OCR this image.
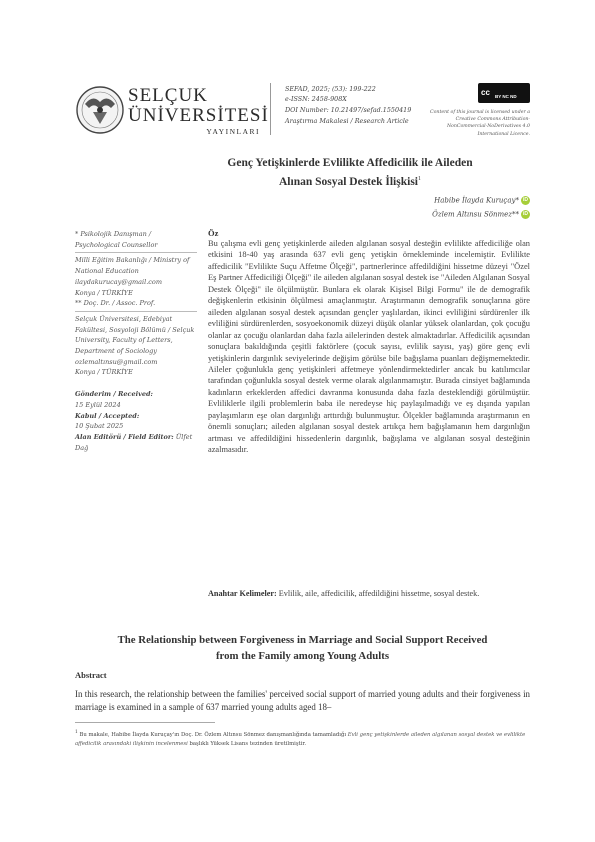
SELÇUK
ÜNİVERSİTESİ
YAYINLARI
SEFAD, 2025; (53): 199-222
e-ISSN: 2458-908X
DOI Number: 10.21497/sefad.1550419
Araştırma Makalesi / Research Article
cc BY NC ND
Content of this journal is licensed under a Creative Commons Attribution-NonCommercial-NoDerivatives 4.0 International Licence.
Genç Yetişkinlerde Evlilikte Affedicilik ile Aileden
Alınan Sosyal Destek İlişkisi$^1$
Habibe İlayda Kuruçay* iD
Özlem Altınsu Sönmez** iD
* Psikolojik Danışman / Psychological Counsellor
Milli Eğitim Bakanlığı / Ministry of National Education
ilaydakurucay@gmail.com
Konya / TÜRKİYE
** Doç. Dr. / Assoc. Prof.
Selçuk Üniversitesi, Edebiyat Fakültesi, Sosyoloji Bölümü / Selçuk University, Faculty of Letters, Department of Sociology
ozlemaltınsu@gmail.com
Konya / TÜRKİYE
Gönderim / Received:
15 Eylül 2024
Kabul / Accepted:
10 Şubat 2025
Alan Editörü / Field Editor: Ülfet Dağ
Öz
Bu çalışma evli genç yetişkinlerde aileden algılanan sosyal desteğin evlilikte affediciliğe olan etkisini 18-40 yaş arasında 637 evli genç yetişkin örnekleminde incelemiştir. Evlilikte affedicilik "Evlilikte Suçu Affetme Ölçeği", partnerlerince affedildiğini hissetme düzeyi "Özel Eş Partner Affediciliği Ölçeği" ile aileden algılanan sosyal destek ise "Aileden Algılanan Sosyal Destek Ölçeği" ile ölçülmüştür. Bunlara ek olarak Kişisel Bilgi Formu" ile de demografik değişkenlerin etkisinin ölçülmesi amaçlanmıştır. Araştırmanın demografik sonuçlarına göre aileden algılanan sosyal destek açısından gençler yaşlılardan, ikinci evliliğini sürdürenler ilk evliliğini sürdürenlerden, sosyoekonomik düzeyi düşük olanlar yüksek olanlardan, çok çocuğu olanlar az çocuğu olanlardan daha fazla ailelerinden destek almaktadırlar. Affedicilik açısından sonuçlara bakıldığında çeşitli faktörlere (çocuk sayısı, evlilik sayısı, yaş) göre genç evli yetişkinlerin dargınlık seviyelerinde değişim görülse bile bağışlama puanları değişmemektedir. Aileler çoğunlukla genç yetişkinleri affetmeye yönlendirmektedirler ancak bu katılımcılar tarafından çoğunlukla sosyal destek verme olarak algılanmamıştır. Burada cinsiyet bağlamında kadınların erkeklerden affedici davranma konusunda daha fazla desteklendiği görülmüştür. Evliliklerle ilgili problemlerin baba ile neredeyse hiç paylaşılmadığı ve eş dışında yapılan paylaşımların eşe olan dargınlığı arttırdığı bulunmuştur. Ölçekler bağlamında araştırmanın en önemli sonuçları; aileden algılanan sosyal destek artıkça hem bağışlamanın hem dargınlığın artması ve affedildiğini hissedenlerin dargınlık, bağışlama ve algılanan sosyal desteğinin azalmasıdır.
Anahtar Kelimeler: Evlilik, aile, affedicilik, affedildiğini hissetme, sosyal destek.
The Relationship between Forgiveness in Marriage and Social Support Received
from the Family among Young Adults
Abstract
In this research, the relationship between the families' perceived social support of married young adults and their forgiveness in marriage is examined in a sample of 637 married young adults aged 18–
$^1$ Bu makale, Habibe İlayda Kuruçay'ın Doç. Dr. Özlem Altınsu Sönmez danışmanlığında tamamladığı Evli genç yetişkinlerde aileden algılanan sosyal destek ve evlilikte affedicilik arasındaki ilişkinin incelenmesi başlıklı Yüksek Lisans tezinden üretilmiştir.
